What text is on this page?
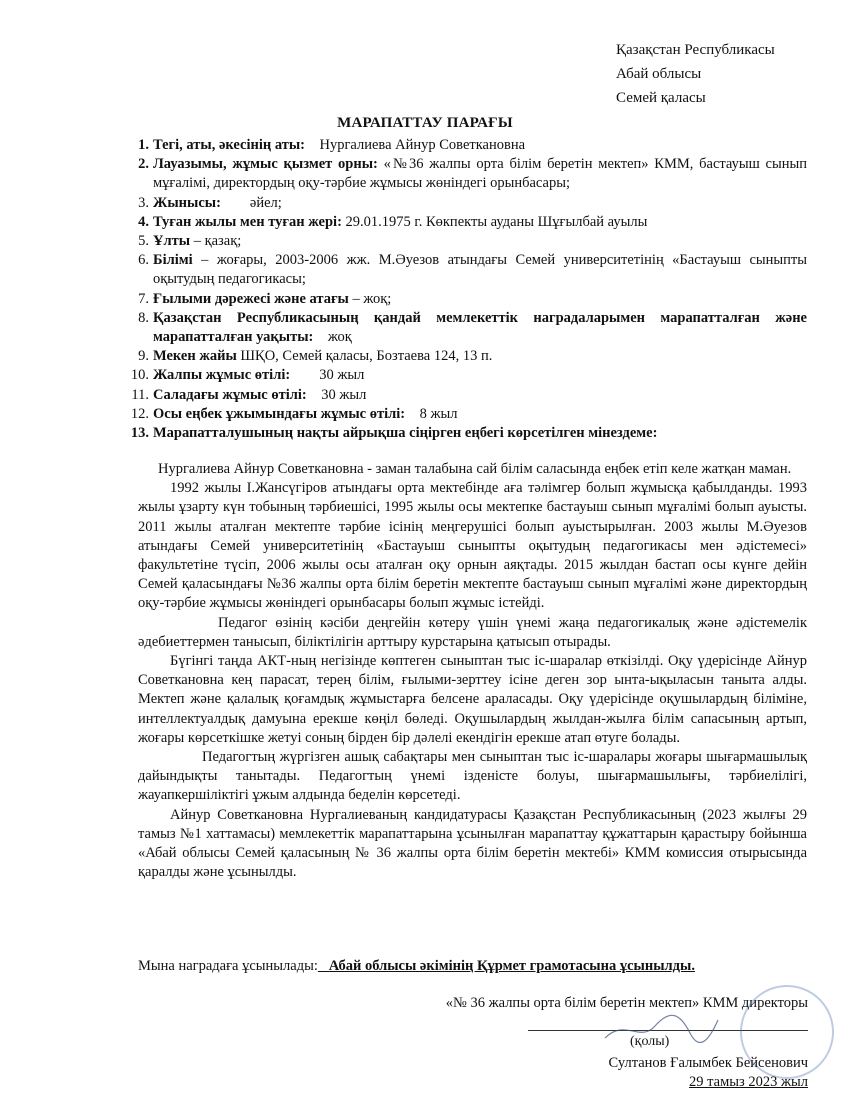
Қазақстан Республикасы
Абай облысы
Семей қаласы
МАРАПАТТАУ ПАРАҒЫ
1. Тегі, аты, әкесінің аты:    Нургалиева Айнур Советкановна
2. Лауазымы, жұмыс қызмет орны: «№36 жалпы орта білім беретін мектеп» КММ, бастауыш сынып мұғалімі, директордың оқу-тәрбие жұмысы жөніндегі орынбасары;
3. Жынысы:        әйел;
4. Туған жылы мен туған жері: 29.01.1975 г. Көкпекты ауданы Шұғылбай ауылы
5. Ұлты – қазақ;
6. Білімі – жоғары, 2003-2006 жж. М.Әуезов атындағы Семей университетінің «Бастауыш сыныпты оқытудың педагогикасы;
7. Ғылыми дәрежесі және атағы – жоқ;
8. Қазақстан Республикасының қандай мемлекеттік наградаларымен марапатталған және марапатталған уақыты:    жоқ
9. Мекен жайы ШҚО, Семей қаласы, Бозтаева 124, 13 п.
10. Жалпы жұмыс өтілі:        30 жыл
11. Саладағы жұмыс өтілі:    30 жыл
12. Осы еңбек ұжымындағы жұмыс өтілі:    8 жыл
13. Марапатталушының нақты айрықша сіңірген еңбегі көрсетілген мінездеме:

Нургалиева Айнур Советкановна - заман талабына сай білім саласында еңбек етіп келе жатқан маман.

1992 жылы І.Жансүгіров атындағы орта мектебінде аға тәлімгер болып жұмысқа қабылданды. 1993 жылы ұзарту күн тобының тәрбиешісі, 1995 жылы осы мектепке бастауыш сынып мұғалімі болып ауысты. 2011 жылы аталған мектепте тәрбие ісінің меңгерушісі болып ауыстырылған. 2003 жылы М.Әуезов атындағы Семей университетінің «Бастауыш сыныпты оқытудың педагогикасы мен әдістемесі» факультетіне түсіп, 2006 жылы осы аталған оқу орнын аяқтады. 2015 жылдан бастап осы күнге дейін Семей қаласындағы №36 жалпы орта білім беретін мектепте бастауыш сынып мұғалімі және директордың оқу-тәрбие жұмысы жөніндегі орынбасары болып жұмыс істейді.

Педагог өзінің кәсіби деңгейін көтеру үшін үнемі жаңа педагогикалық және әдістемелік әдебиеттермен танысып, біліктілігін арттыру курстарына қатысып отырады.

Бүгінгі таңда АКТ-ның негізінде көптеген сыныптан тыс іс-шаралар өткізілді. Оқу үдерісінде Айнур Советкановна кең парасат, терең білім, ғылыми-зерттеу ісіне деген зор ынта-ықыласын таныта алды. Мектеп және қалалық қоғамдық жұмыстарға белсене араласады. Оқу үдерісінде оқушылардың біліміне, интеллектуалдық дамуына ерекше көңіл бөледі. Оқушылардың жылдан-жылға білім сапасының артып, жоғары көрсеткішке жетуі соның бірден бір дәлелі екендігін ерекше атап өтуге болады.

Педагогтың жүргізген ашық сабақтары мен сыныптан тыс іс-шаралары жоғары шығармашылық дайындықты танытады. Педагогтың үнемі ізденісте болуы, шығармашылығы, тәрбиелілігі, жауапкершілiктiгi ұжым алдында беделін көрсетеді.

Айнур Советкановна Нургалиеваның кандидатурасы Қазақстан Республикасының (2023 жылғы 29 тамыз №1 хаттамасы) мемлекеттік марапаттарына ұсынылған марапаттау құжаттарын қарастыру бойынша «Абай облысы Семей қаласының № 36 жалпы орта білім беретін мектебі» КММ комиссия отырысында қаралды және ұсынылды.

Мына наградаға ұсынылады:   Абай облысы әкімінің Құрмет грамотасына ұсынылды.
«№ 36 жалпы орта білім беретін мектеп» КММ директоры
(қолы)
Султанов Ғалымбек Бейсенович
29 тамыз 2023 жыл
